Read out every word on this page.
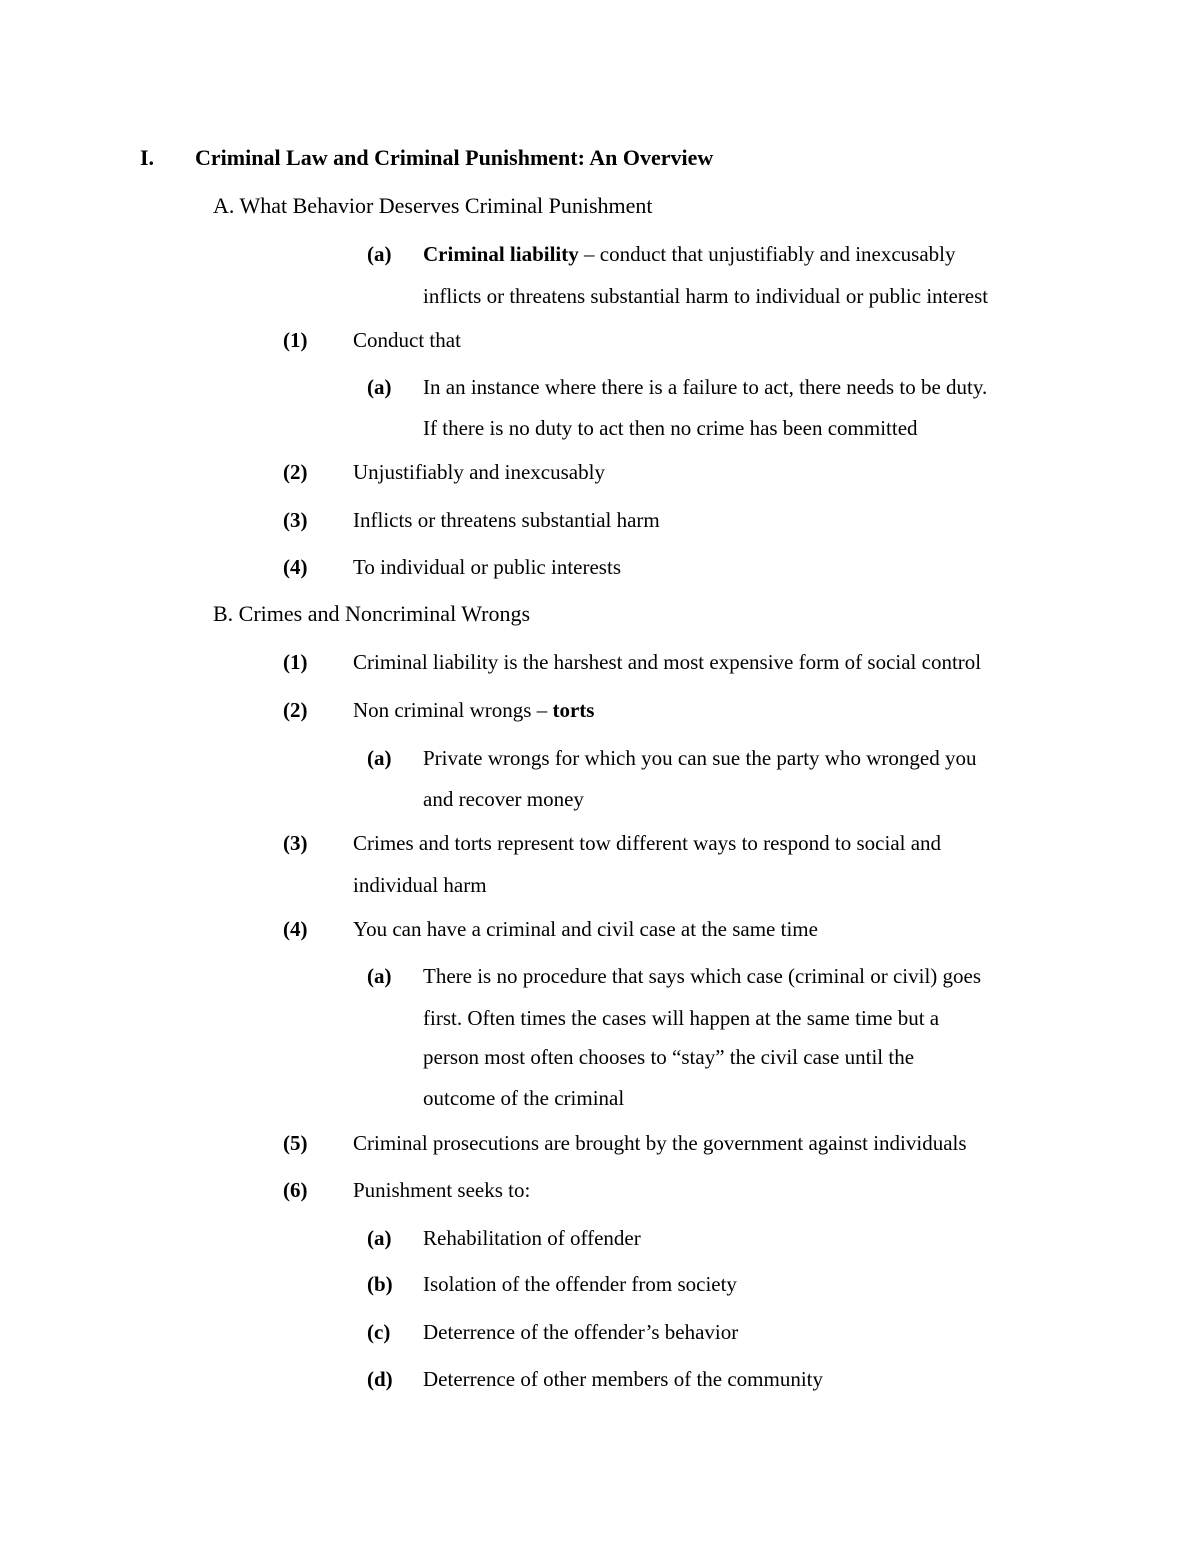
I. Criminal Law and Criminal Punishment: An Overview
A. What Behavior Deserves Criminal Punishment
(a) Criminal liability – conduct that unjustifiably and inexcusably
inflicts or threatens substantial harm to individual or public interest
(1) Conduct that
(a) In an instance where there is a failure to act, there needs to be duty.
If there is no duty to act then no crime has been committed
(2) Unjustifiably and inexcusably
(3) Inflicts or threatens substantial harm
(4) To individual or public interests
B. Crimes and Noncriminal Wrongs
(1) Criminal liability is the harshest and most expensive form of social control
(2) Non criminal wrongs – torts
(a) Private wrongs for which you can sue the party who wronged you
and recover money
(3) Crimes and torts represent tow different ways to respond to social and
individual harm
(4) You can have a criminal and civil case at the same time
(a) There is no procedure that says which case (criminal or civil) goes
first. Often times the cases will happen at the same time but a
person most often chooses to “stay” the civil case until the
outcome of the criminal
(5) Criminal prosecutions are brought by the government against individuals
(6) Punishment seeks to:
(a) Rehabilitation of offender
(b) Isolation of the offender from society
(c) Deterrence of the offender’s behavior
(d) Deterrence of other members of the community
